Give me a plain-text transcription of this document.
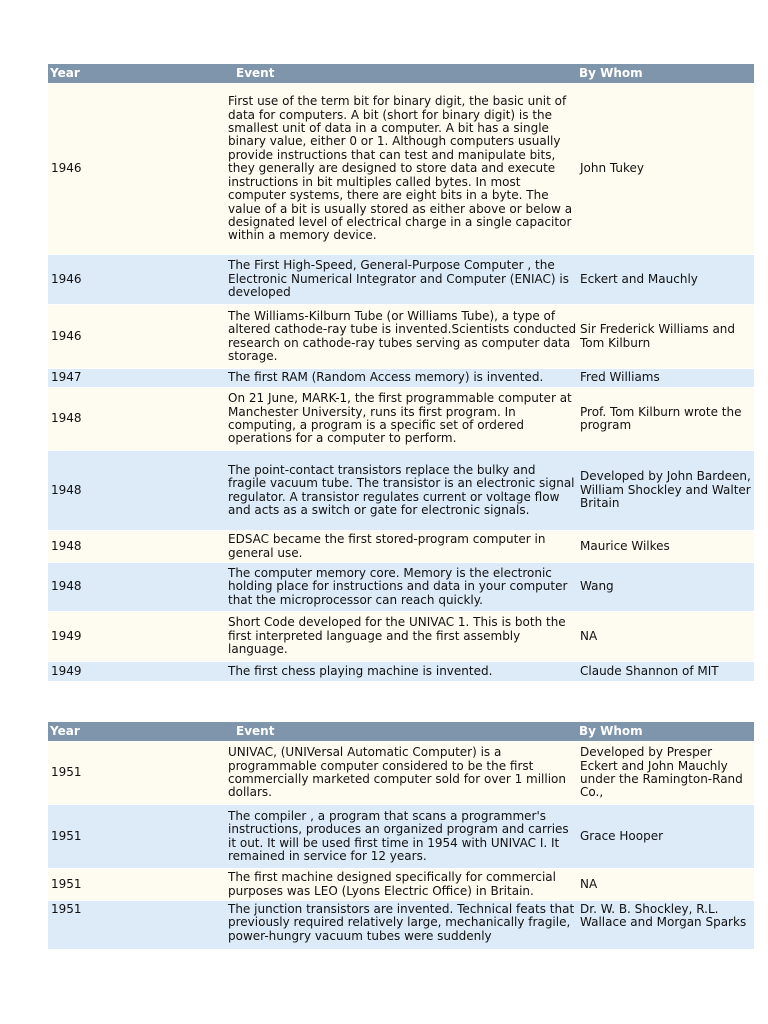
Year	Event	By Whom
1946	First use of the term bit for binary digit, the basic unit of data for computers. A bit (short for binary digit) is the smallest unit of data in a computer. A bit has a single binary value, either 0 or 1. Although computers usually provide instructions that can test and manipulate bits, they generally are designed to store data and execute instructions in bit multiples called bytes. In most computer systems, there are eight bits in a byte. The value of a bit is usually stored as either above or below a designated level of electrical charge in a single capacitor within a memory device.	John Tukey
1946	The First High-Speed, General-Purpose Computer , the Electronic Numerical Integrator and Computer (ENIAC) is developed	Eckert and Mauchly
1946	The Williams-Kilburn Tube (or Williams Tube), a type of altered cathode-ray tube is invented.Scientists conducted research on cathode-ray tubes serving as computer data storage.	Sir Frederick Williams and Tom Kilburn
1947	The first RAM (Random Access memory) is invented.	Fred Williams
1948	On 21 June, MARK-1, the first programmable computer at Manchester University, runs its first program. In computing, a program is a specific set of ordered operations for a computer to perform.	Prof. Tom Kilburn wrote the program
1948	The point-contact transistors replace the bulky and fragile vacuum tube. The transistor is an electronic signal regulator. A transistor regulates current or voltage flow and acts as a switch or gate for electronic signals.	Developed by John Bardeen, William Shockley and Walter Britain
1948	EDSAC became the first stored-program computer in general use.	Maurice Wilkes
1948	The computer memory core. Memory is the electronic holding place for instructions and data in your computer that the microprocessor can reach quickly.	Wang
1949	Short Code developed for the UNIVAC 1. This is both the first interpreted language and the first assembly language.	NA
1949	The first chess playing machine is invented.	Claude Shannon of MIT
Year	Event	By Whom
1951	UNIVAC, (UNIVersal Automatic Computer) is a programmable computer considered to be the first commercially marketed computer sold for over 1 million dollars.	Developed by Presper Eckert and John Mauchly under the Ramington-Rand Co.,
1951	The compiler , a program that scans a programmer's instructions, produces an organized program and carries it out. It will be used first time in 1954 with UNIVAC I. It remained in service for 12 years.	Grace Hooper
1951	The first machine designed specifically for commercial purposes was LEO (Lyons Electric Office) in Britain.	NA
1951	The junction transistors are invented. Technical feats that previously required relatively large, mechanically fragile, power-hungry vacuum tubes were suddenly	Dr. W. B. Shockley, R.L. Wallace and Morgan Sparks
